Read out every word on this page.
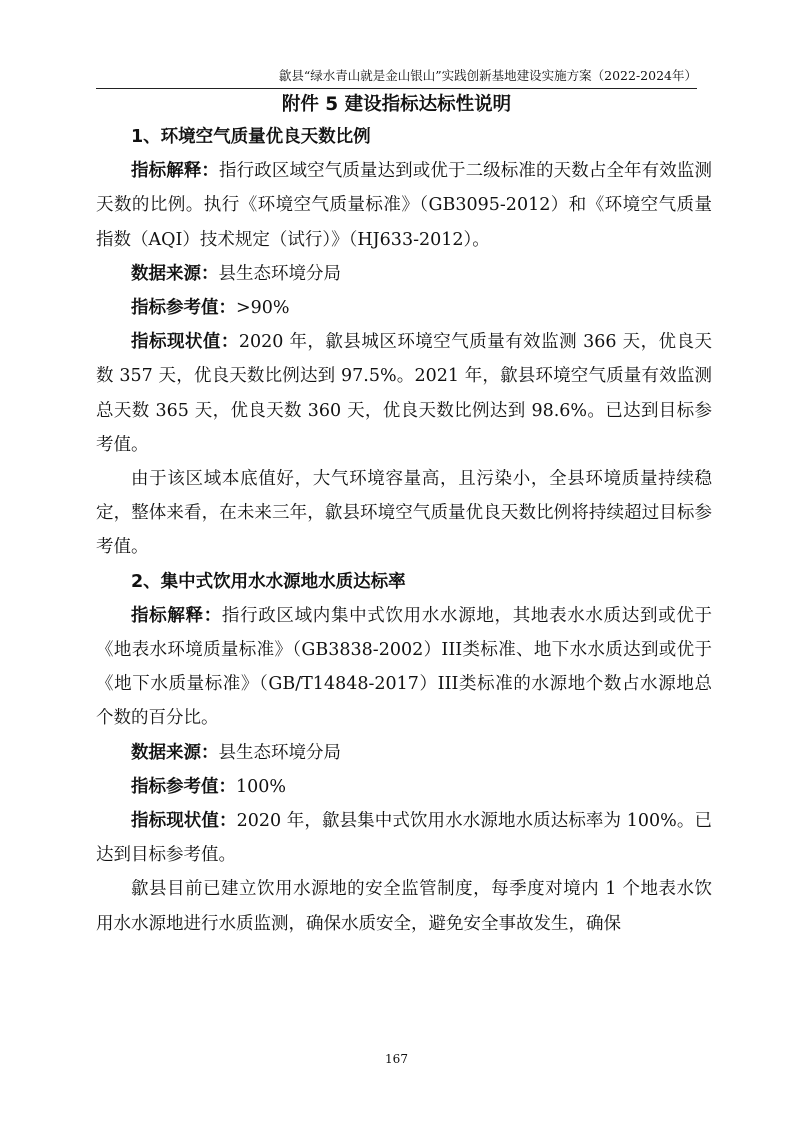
歙县“绿水青山就是金山银山”实践创新基地建设实施方案（2022-2024年）
附件 5 建设指标达标性说明

1、环境空气质量优良天数比例

指标解释：指行政区域空气质量达到或优于二级标准的天数占全年有效监测天数的比例。执行《环境空气质量标准》（GB3095-2012）和《环境空气质量指数（AQI）技术规定（试行）》（HJ633-2012）。

数据来源：县生态环境分局

指标参考值：>90%

指标现状值：2020 年，歙县城区环境空气质量有效监测 366 天，优良天数 357 天，优良天数比例达到 97.5%。2021 年，歙县环境空气质量有效监测总天数 365 天，优良天数 360 天，优良天数比例达到 98.6%。已达到目标参考值。

由于该区域本底值好，大气环境容量高，且污染小，全县环境质量持续稳定，整体来看，在未来三年，歙县环境空气质量优良天数比例将持续超过目标参考值。

2、集中式饮用水水源地水质达标率

指标解释：指行政区域内集中式饮用水水源地，其地表水水质达到或优于《地表水环境质量标准》（GB3838-2002）III类标准、地下水水质达到或优于《地下水质量标准》（GB/T14848-2017）III类标准的水源地个数占水源地总个数的百分比。

数据来源：县生态环境分局

指标参考值：100%

指标现状值：2020 年，歙县集中式饮用水水源地水质达标率为 100%。已达到目标参考值。

歙县目前已建立饮用水源地的安全监管制度，每季度对境内 1 个地表水饮用水水源地进行水质监测，确保水质安全，避免安全事故发生，确保

167
